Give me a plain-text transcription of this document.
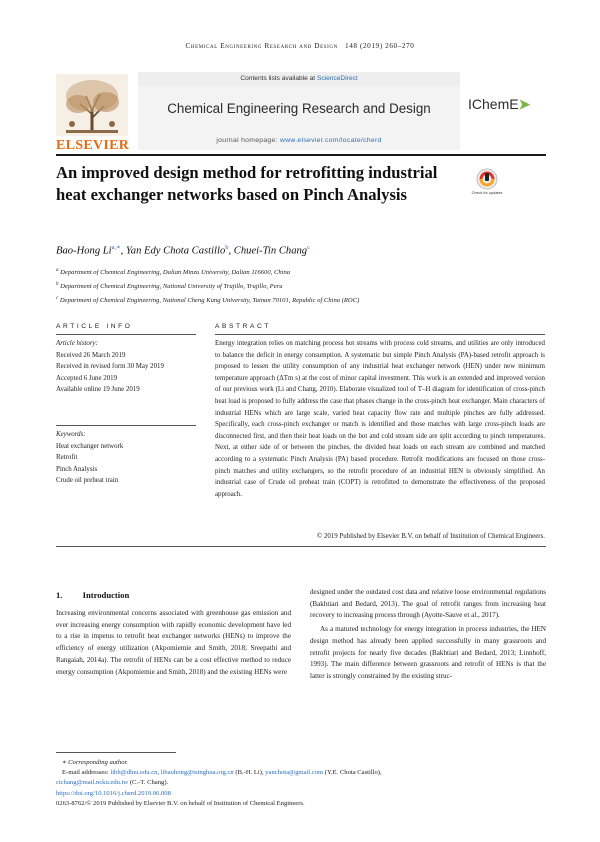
Chemical Engineering Research and Design 148 (2019) 260–270
ELSEVIER
Contents lists available at ScienceDirect
Chemical Engineering Research and Design
journal homepage: www.elsevier.com/locate/cherd
IChemE➤
An improved design method for retrofitting industrial heat exchanger networks based on Pinch Analysis	Check for updates
Bao-Hong $Li^{a,∗}$, Yan Edy Chota Castillo$^b$, Chuei-Tin Chang$^c$
$^a$ Department of Chemical Engineering, Dalian Minzu University, Dalian 116600, China
$^b$ Department of Chemical Engineering, National University of Trujillo, Trujillo, Peru
$^c$ Department of Chemical Engineering, National Cheng Kung University, Tainan 70101, Republic of China (ROC)
ARTICLE INFO
Article history:
Received 26 March 2019
Received in revised form 30 May 2019
Accepted 6 June 2019
Available online 19 June 2019
Keywords:
Heat exchanger network
Retrofit
Pinch Analysis
Crude oil preheat train
ABSTRACT
Energy integration relies on matching process hot streams with process cold streams, and utilities are only introduced to balance the deficit in energy consumption. A systematic but simple Pinch Analysis (PA)-based retrofit approach is proposed to lessen the utility consumption of any industrial heat exchanger network (HEN) under new minimum temperature approach (ΔTm s) at the cost of minor capital investment. This work is an extended and improved version of our previous work (Li and Chang, 2010). Elaborate visualized tool of T–H diagram for identification of cross-pinch heat load is proposed to fully address the case that phases change in the cross-pinch heat exchanger. Main characters of industrial HENs which are large scale, varied heat capacity flow rate and multiple pinches are fully addressed. Specifically, each cross-pinch exchanger or match is identified and those matches with large cross-pinch loads are disconnected first, and then their heat loads on the hot and cold stream side are split according to pinch temperatures. Next, at either side of or between the pinches, the divided heat loads on each stream are combined and matched according to a systematic Pinch Analysis (PA) based procedure. Retrofit modifications are focused on those cross-pinch matches and utility exchangers, so the retrofit procedure of an industrial HEN is obviously simplified. An industrial case of Crude oil preheat train (COPT) is retrofitted to demonstrate the effectiveness of the proposed approach.
© 2019 Published by Elsevier B.V. on behalf of Institution of Chemical Engineers.
1. Introduction
Increasing environmental concerns associated with greenhouse gas emission and ever increasing energy consumption with rapidly economic development have led to a rise in impetus to retrofit heat exchanger networks (HENs) to improve the efficiency of energy utilization (Akpomiemie and Smith, 2018; Sreepathi and Rangaiah, 2014a). The retrofit of HENs can be a cost effective method to reduce energy consumption (Akpomiemie and Smith, 2018) and the existing HENs were
designed under the outdated cost data and relative loose environmental regulations (Bakhtiari and Bedard, 2013). The goal of retrofit ranges from increasing heat recovery to increasing process through (Ayotte-Sauve et al., 2017).
As a matured technology for energy integration in process industries, the HEN design method has already been applied successfully in many grassroots and retrofit projects for nearly five decades (Bakhtiari and Bedard, 2013; Linnhoff, 1993). The main difference between grassroots and retrofit of HENs is that the latter is strongly constrained by the existing struc-
∗ Corresponding author.
E-mail addresses: libh@dlnu.edu.cn, libaohong@tsinghua.org.cn (B.-H. Li), yanchota@gmail.com (Y.E. Chota Castillo),
ctchang@mail.ncku.edu.tw (C.-T. Chang).
https://doi.org/10.1016/j.cherd.2019.06.008
0263-8762/© 2019 Published by Elsevier B.V. on behalf of Institution of Chemical Engineers.
